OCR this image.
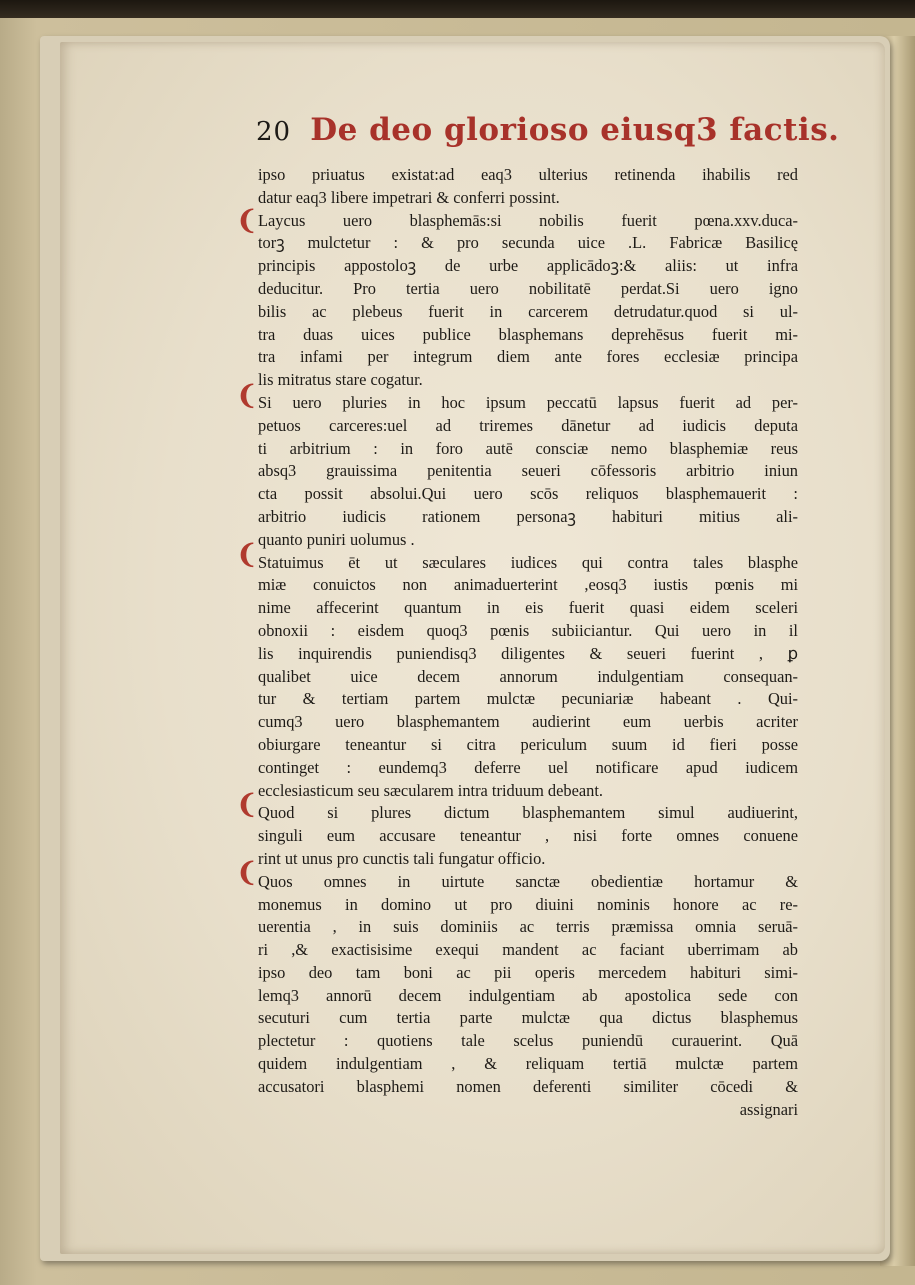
20 De deo glorioso eiusq3 factis.
❨
❨
❨
❨
❨
ipso priuatus existat:ad eaq3 ulterius retinenda ihabilis red
datur eaq3 libere impetrari & conferri possint.
Laycus uero blasphemās:si nobilis fuerit pœna.xxv.duca-
torꝫ mulctetur : & pro secunda uice .L. Fabricæ Basilicę
principis appostoloꝫ de urbe applicādoꝫ:& aliis: ut infra
deducitur. Pro tertia uero nobilitatē perdat.Si uero igno
bilis ac plebeus fuerit in carcerem detrudatur.quod si ul-
tra duas uices publice blasphemans deprehēsus fuerit mi-
tra infami per integrum diem ante fores ecclesiæ principa
lis mitratus stare cogatur.
Si uero pluries in hoc ipsum peccatū lapsus fuerit ad per-
petuos carceres:uel ad triremes dānetur ad iudicis deputa
ti arbitrium : in foro autē consciæ nemo blasphemiæ reus
absq3 grauissima penitentia seueri cōfessoris arbitrio iniun
cta possit absolui.Qui uero scōs reliquos blasphemauerit :
arbitrio iudicis rationem personaꝫ habituri mitius ali-
quanto puniri uolumus .
Statuimus ēt ut sæculares iudices qui contra tales blasphe
miæ conuictos non animaduerterint ,eosq3 iustis pœnis mi
nime affecerint quantum in eis fuerit quasi eidem sceleri
obnoxii : eisdem quoq3 pœnis subiiciantur. Qui uero in il
lis inquirendis puniendisq3 diligentes & seueri fuerint , ꝑ
qualibet uice decem annorum indulgentiam consequan-
tur & tertiam partem mulctæ pecuniariæ habeant . Qui-
cumq3 uero blasphemantem audierint eum uerbis acriter
obiurgare teneantur si citra periculum suum id fieri posse
continget : eundemq3 deferre uel notificare apud iudicem
ecclesiasticum seu sæcularem intra triduum debeant.
Quod si plures dictum blasphemantem simul audiuerint,
singuli eum accusare teneantur , nisi forte omnes conuene
rint ut unus pro cunctis tali fungatur officio.
Quos omnes in uirtute sanctæ obedientiæ hortamur &
monemus in domino ut pro diuini nominis honore ac re-
uerentia , in suis dominiis ac terris præmissa omnia seruā-
ri ,& exactisisime exequi mandent ac faciant uberrimam ab
ipso deo tam boni ac pii operis mercedem habituri simi-
lemq3 annorū decem indulgentiam ab apostolica sede con
secuturi cum tertia parte mulctæ qua dictus blasphemus
plectetur : quotiens tale scelus puniendū curauerint. Quā
quidem indulgentiam , & reliquam tertiā mulctæ partem
accusatori blasphemi nomen deferenti similiter cōcedi &
assignari
